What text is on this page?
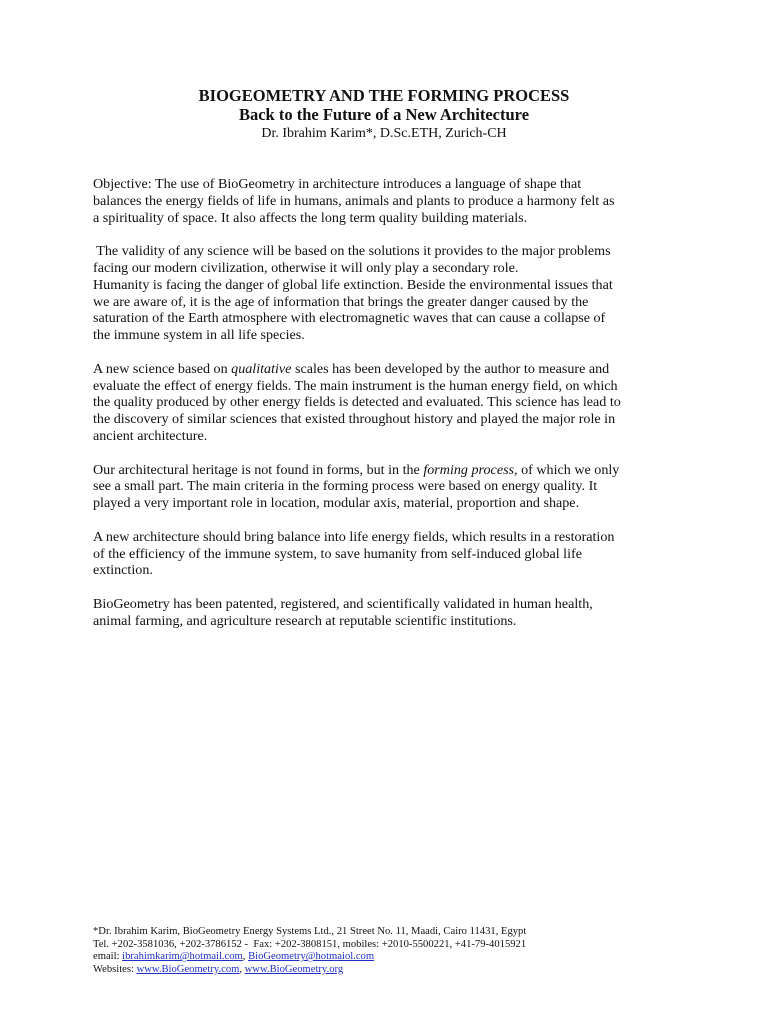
BIOGEOMETRY AND THE FORMING PROCESS

Back to the Future of a New Architecture

Dr. Ibrahim Karim*, D.Sc.ETH, Zurich-CH

Objective: The use of BioGeometry in architecture introduces a language of shape that
balances the energy fields of life in humans, animals and plants to produce a harmony felt as
a spirituality of space. It also affects the long term quality building materials.

The validity of any science will be based on the solutions it provides to the major problems
facing our modern civilization, otherwise it will only play a secondary role.

Humanity is facing the danger of global life extinction. Beside the environmental issues that
we are aware of, it is the age of information that brings the greater danger caused by the
saturation of the Earth atmosphere with electromagnetic waves that can cause a collapse of
the immune system in all life species.

A new science based on qualitative scales has been developed by the author to measure and
evaluate the effect of energy fields. The main instrument is the human energy field, on which
the quality produced by other energy fields is detected and evaluated. This science has lead to
the discovery of similar sciences that existed throughout history and played the major role in
ancient architecture.

Our architectural heritage is not found in forms, but in the forming process, of which we only
see a small part. The main criteria in the forming process were based on energy quality. It
played a very important role in location, modular axis, material, proportion and shape.

A new architecture should bring balance into life energy fields, which results in a restoration
of the efficiency of the immune system, to save humanity from self-induced global life
extinction.

BioGeometry has been patented, registered, and scientifically validated in human health,
animal farming, and agriculture research at reputable scientific institutions.

*Dr. Ibrahim Karim, BioGeometry Energy Systems Ltd., 21 Street No. 11, Maadi, Cairo 11431, Egypt
Tel. +202-3581036, +202-3786152 -  Fax: +202-3808151, mobiles: +2010-5500221, +41-79-4015921
email: ibrahimkarim@hotmail.com, BioGeometry@hotmaiol.com
Websites: www.BioGeometry.com, www.BioGeometry.org
